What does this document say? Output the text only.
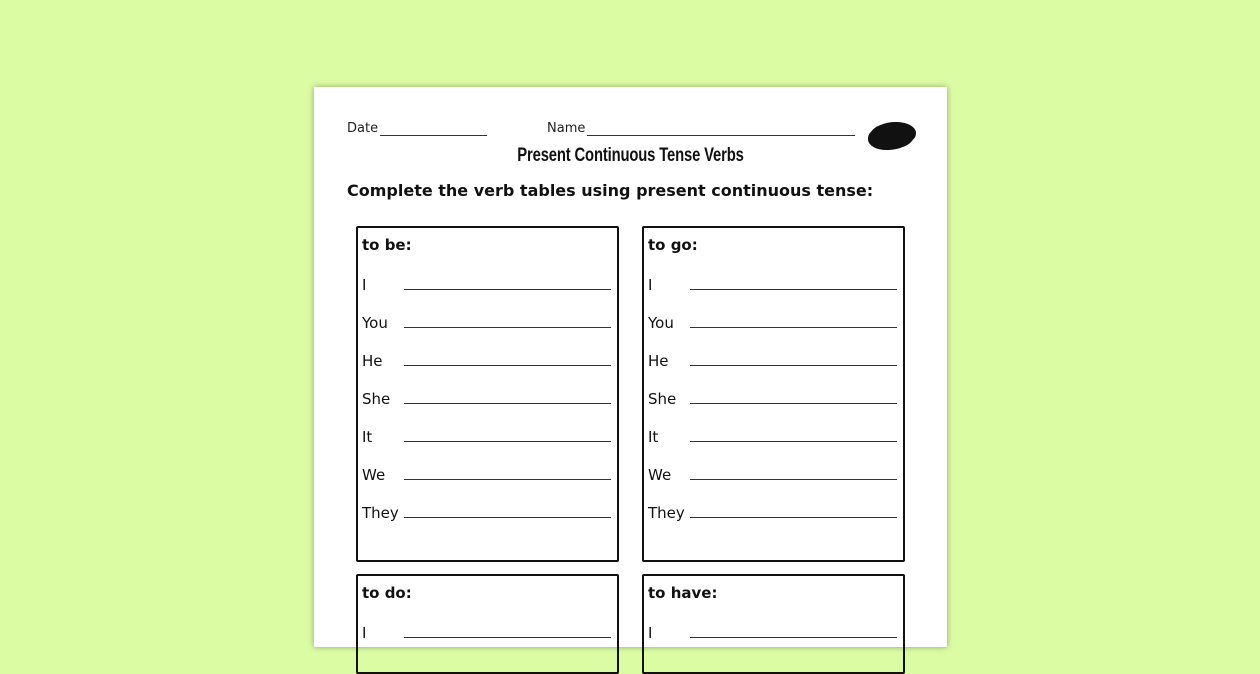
Date	Name
Present Continuous Tense Verbs
Complete the verb tables using present continuous tense:
to be:
I
You
He
She
It
We
They
to go:
I
You
He
She
It
We
They
to do:
I
to have:
I
